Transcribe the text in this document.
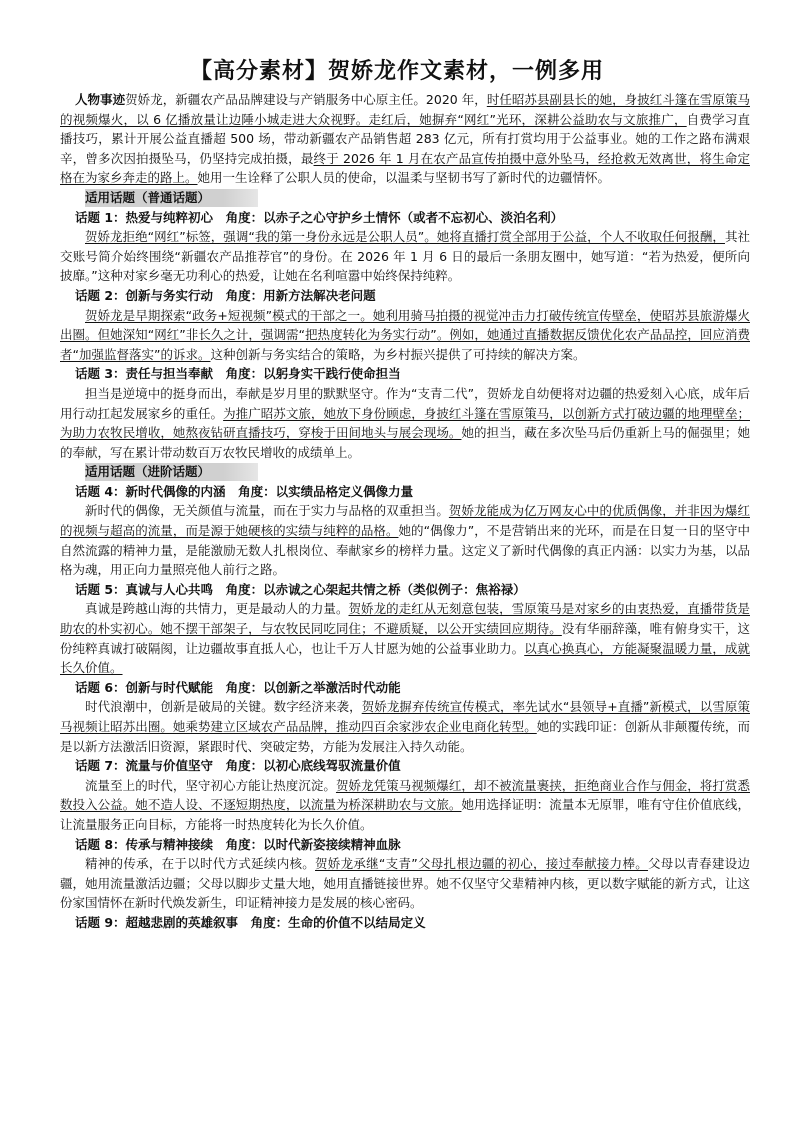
【高分素材】贺娇龙作文素材，一例多用

人物事迹贺娇龙，新疆农产品品牌建设与产销服务中心原主任。2020 年，时任昭苏县副县长的她，身披红斗篷在雪原策马的视频爆火，以 6 亿播放量让边陲小城走进大众视野。走红后，她摒弃“网红”光环，深耕公益助农与文旅推广，自费学习直播技巧，累计开展公益直播超 500 场，带动新疆农产品销售超 283 亿元，所有打赏均用于公益事业。她的工作之路布满艰辛，曾多次因拍摄坠马，仍坚持完成拍摄，最终于 2026 年 1 月在农产品宣传拍摄中意外坠马，经抢救无效离世，将生命定格在为家乡奔走的路上。她用一生诠释了公职人员的使命，以温柔与坚韧书写了新时代的边疆情怀。

适用话题（普通话题）
话题 1：热爱与纯粹初心 角度：以赤子之心守护乡土情怀（或者不忘初心、淡泊名利）

贺娇龙拒绝“网红”标签，强调“我的第一身份永远是公职人员”。她将直播打赏全部用于公益，个人不收取任何报酬，其社交账号简介始终围绕“新疆农产品推荐官”的身份。在 2026 年 1 月 6 日的最后一条朋友圈中，她写道：“若为热爱，便所向披靡。”这种对家乡毫无功利心的热爱，让她在名利喧嚣中始终保持纯粹。

话题 2：创新与务实行动 角度：用新方法解决老问题

贺娇龙是早期探索“政务+短视频”模式的干部之一。她利用骑马拍摄的视觉冲击力打破传统宣传壁垒，使昭苏县旅游爆火出圈。但她深知“网红”非长久之计，强调需“把热度转化为务实行动”。例如，她通过直播数据反馈优化农产品品控，回应消费者“加强监督落实”的诉求。这种创新与务实结合的策略，为乡村振兴提供了可持续的解决方案。

话题 3：责任与担当奉献 角度：以躬身实干践行使命担当

担当是逆境中的挺身而出，奉献是岁月里的默默坚守。作为“支青二代”，贺娇龙自幼便将对边疆的热爱刻入心底，成年后用行动扛起发展家乡的重任。为推广昭苏文旅，她放下身份顾虑，身披红斗篷在雪原策马，以创新方式打破边疆的地理壁垒；为助力农牧民增收，她熬夜钻研直播技巧，穿梭于田间地头与展会现场。她的担当，藏在多次坠马后仍重新上马的倔强里；她的奉献，写在累计带动数百万农牧民增收的成绩单上。

适用话题（进阶话题）
话题 4：新时代偶像的内涵 角度：以实绩品格定义偶像力量

新时代的偶像，无关颜值与流量，而在于实力与品格的双重担当。贺娇龙能成为亿万网友心中的优质偶像，并非因为爆红的视频与超高的流量，而是源于她硬核的实绩与纯粹的品格。她的“偶像力”，不是营销出来的光环，而是在日复一日的坚守中自然流露的精神力量，是能激励无数人扎根岗位、奉献家乡的榜样力量。这定义了新时代偶像的真正内涵：以实力为基，以品格为魂，用正向力量照亮他人前行之路。

话题 5：真诚与人心共鸣 角度：以赤诚之心架起共情之桥（类似例子：焦裕禄）

真诚是跨越山海的共情力，更是最动人的力量。贺娇龙的走红从无刻意包装，雪原策马是对家乡的由衷热爱，直播带货是助农的朴实初心。她不摆干部架子，与农牧民同吃同住；不避质疑，以公开实绩回应期待。没有华丽辞藻，唯有俯身实干，这份纯粹真诚打破隔阂，让边疆故事直抵人心，也让千万人甘愿为她的公益事业助力。以真心换真心，方能凝聚温暖力量，成就长久价值。

话题 6：创新与时代赋能 角度：以创新之举激活时代动能

时代浪潮中，创新是破局的关键。数字经济来袭，贺娇龙摒弃传统宣传模式，率先试水“县领导+直播”新模式，以雪原策马视频让昭苏出圈。她乘势建立区域农产品品牌，推动四百余家涉农企业电商化转型。她的实践印证：创新从非颠覆传统，而是以新方法激活旧资源，紧跟时代、突破定势，方能为发展注入持久动能。

话题 7：流量与价值坚守 角度：以初心底线驾驭流量价值

流量至上的时代，坚守初心方能让热度沉淀。贺娇龙凭策马视频爆红，却不被流量裹挟，拒绝商业合作与佣金，将打赏悉数投入公益。她不造人设、不逐短期热度，以流量为桥深耕助农与文旅。她用选择证明：流量本无原罪，唯有守住价值底线，让流量服务正向目标，方能将一时热度转化为长久价值。

话题 8：传承与精神接续 角度：以时代新姿接续精神血脉

精神的传承，在于以时代方式延续内核。贺娇龙承继“支青”父母扎根边疆的初心，接过奉献接力棒。父母以青春建设边疆，她用流量激活边疆；父母以脚步丈量大地，她用直播链接世界。她不仅坚守父辈精神内核，更以数字赋能的新方式，让这份家国情怀在新时代焕发新生，印证精神接力是发展的核心密码。

话题 9：超越悲剧的英雄叙事 角度：生命的价值不以结局定义
